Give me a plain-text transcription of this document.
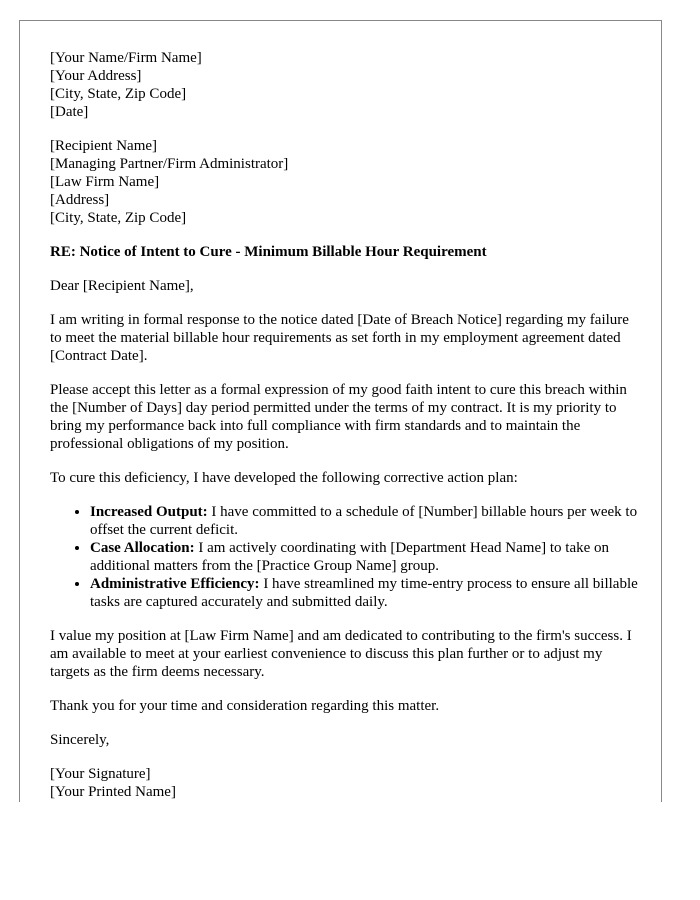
[Your Name/Firm Name]
[Your Address]
[City, State, Zip Code]
[Date]
[Recipient Name]
[Managing Partner/Firm Administrator]
[Law Firm Name]
[Address]
[City, State, Zip Code]
RE: Notice of Intent to Cure - Minimum Billable Hour Requirement

Dear [Recipient Name],

I am writing in formal response to the notice dated [Date of Breach Notice] regarding my failure to meet the material billable hour requirements as set forth in my employment agreement dated [Contract Date].

Please accept this letter as a formal expression of my good faith intent to cure this breach within the [Number of Days] day period permitted under the terms of my contract. It is my priority to bring my performance back into full compliance with firm standards and to maintain the professional obligations of my position.

To cure this deficiency, I have developed the following corrective action plan:

• Increased Output: I have committed to a schedule of [Number] billable hours per week to offset the current deficit.
• Case Allocation: I am actively coordinating with [Department Head Name] to take on additional matters from the [Practice Group Name] group.
• Administrative Efficiency: I have streamlined my time-entry process to ensure all billable tasks are captured accurately and submitted daily.

I value my position at [Law Firm Name] and am dedicated to contributing to the firm's success. I am available to meet at your earliest convenience to discuss this plan further or to adjust my targets as the firm deems necessary.

Thank you for your time and consideration regarding this matter.

Sincerely,

[Your Signature]
[Your Printed Name]
